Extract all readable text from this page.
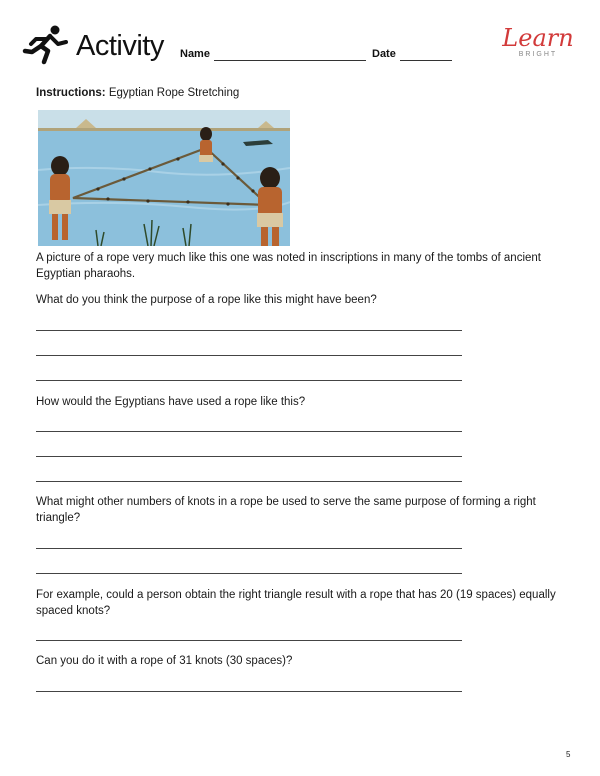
Activity Name	Date
Learn
BRIGHT
Instructions: Egyptian Rope Stretching
A picture of a rope very much like this one was noted in inscriptions in many of the tombs of ancient Egyptian pharaohs.
What do you think the purpose of a rope like this might have been?
How would the Egyptians have used a rope like this?
What might other numbers of knots in a rope be used to serve the same purpose of forming a right triangle?
For example, could a person obtain the right triangle result with a rope that has 20 (19 spaces) equally spaced knots?
Can you do it with a rope of 31 knots (30 spaces)?
5
